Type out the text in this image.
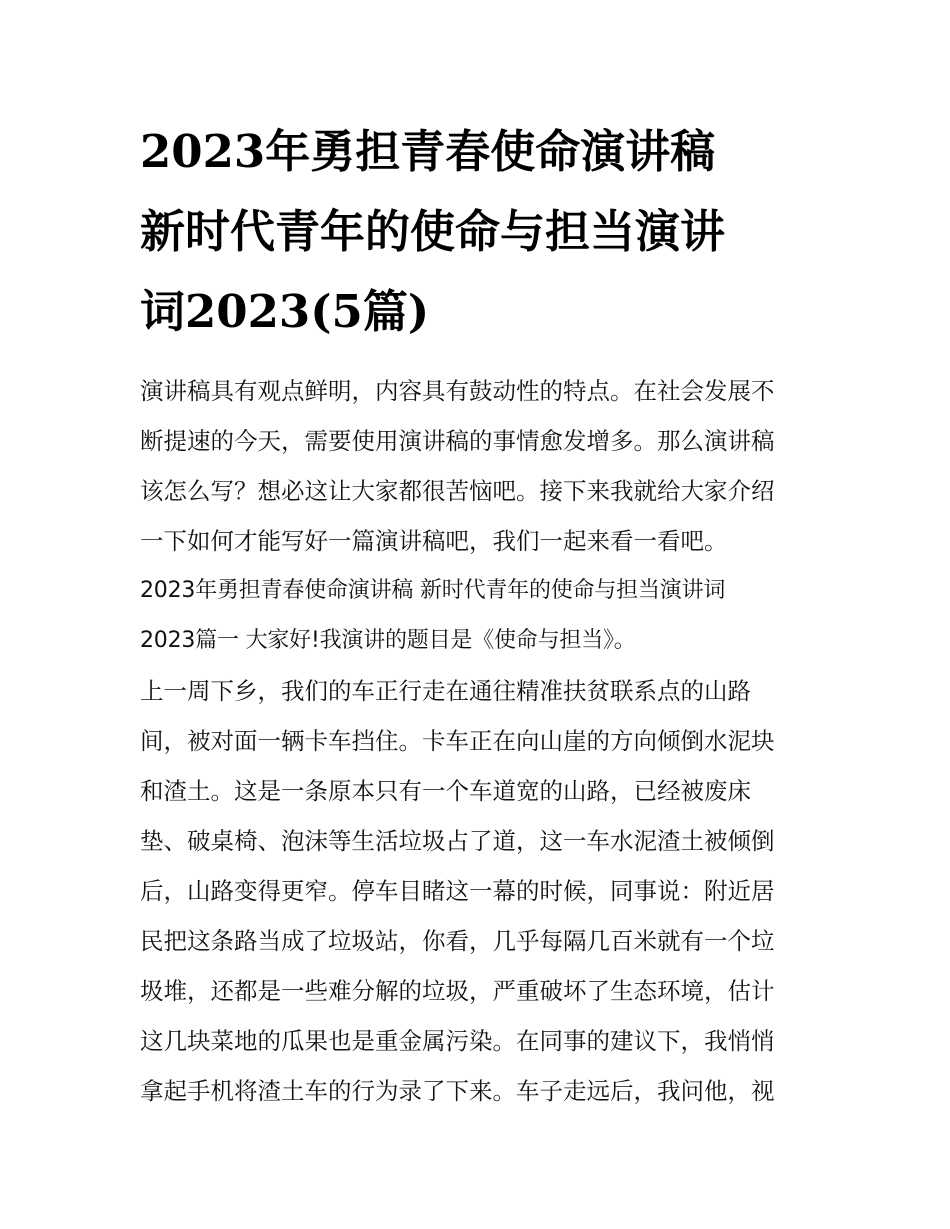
2023年勇担青春使命演讲稿
新时代青年的使命与担当演讲
词2023(5篇)
演讲稿具有观点鲜明，内容具有鼓动性的特点。在社会发展不
断提速的今天，需要使用演讲稿的事情愈发增多。那么演讲稿
该怎么写？想必这让大家都很苦恼吧。接下来我就给大家介绍
一下如何才能写好一篇演讲稿吧，我们一起来看一看吧。
2023年勇担青春使命演讲稿 新时代青年的使命与担当演讲词
2023篇一 大家好!我演讲的题目是《使命与担当》。
上一周下乡，我们的车正行走在通往精准扶贫联系点的山路
间，被对面一辆卡车挡住。卡车正在向山崖的方向倾倒水泥块
和渣土。这是一条原本只有一个车道宽的山路，已经被废床
垫、破桌椅、泡沫等生活垃圾占了道，这一车水泥渣土被倾倒
后，山路变得更窄。停车目睹这一幕的时候，同事说：附近居
民把这条路当成了垃圾站，你看，几乎每隔几百米就有一个垃
圾堆，还都是一些难分解的垃圾，严重破坏了生态环境，估计
这几块菜地的瓜果也是重金属污染。在同事的建议下，我悄悄
拿起手机将渣土车的行为录了下来。车子走远后，我问他，视
